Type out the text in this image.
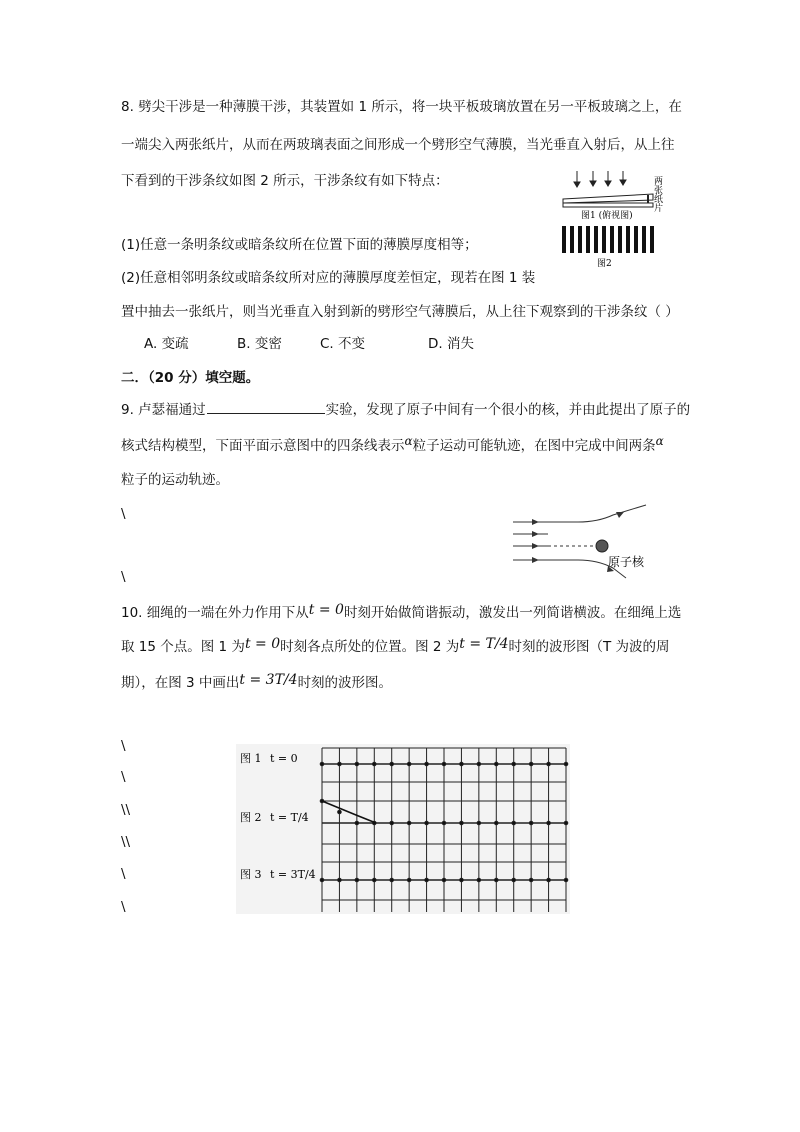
8. 劈尖干涉是一种薄膜干涉，其装置如 1 所示，将一块平板玻璃放置在另一平板玻璃之上，在
一端尖入两张纸片，从而在两玻璃表面之间形成一个劈形空气薄膜，当光垂直入射后，从上往
下看到的干涉条纹如图 2 所示，干涉条纹有如下特点：
(1)任意一条明条纹或暗条纹所在位置下面的薄膜厚度相等；
(2)任意相邻明条纹或暗条纹所对应的薄膜厚度差恒定，现若在图 1 装
置中抽去一张纸片，则当光垂直入射到新的劈形空气薄膜后，从上往下观察到的干涉条纹（ ）
A. 变疏	B. 变密	C. 不变	D. 消失
图1 (俯视图)
两张纸片
图2
二．（20 分）填空题。
9. 卢瑟福通过	实验，发现了原子中间有一个很小的核，并由此提出了原子的
核式结构模型，下面平面示意图中的四条线表示α粒子运动可能轨迹，在图中完成中间两条α
粒子的运动轨迹。
\
\
原子核
10. 细绳的一端在外力作用下从t = 0时刻开始做简谐振动，激发出一列简谐横波。在细绳上选
取 15 个点。图 1 为t = 0时刻各点所处的位置。图 2 为t = T/4时刻的波形图（T 为波的周
期），在图 3 中画出t = 3T/4时刻的波形图。
\
\
\\
\\
\
\
图 1 t = 0
图 2 t = T/4
图 3 t = 3T/4
